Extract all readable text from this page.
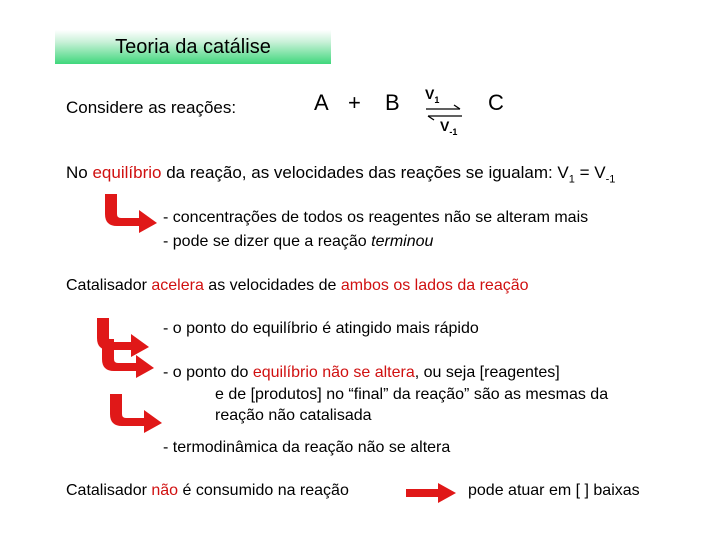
Teoria da catálise
Considere as reações:	A + B $V_1$
$V_{-1}$
C
No equilíbrio da reação, as velocidades das reações se igualam: $V_1 = V_{-1}$
- concentrações de todos os reagentes não se alteram mais
- pode se dizer que a reação terminou
Catalisador acelera as velocidades de ambos os lados da reação
- o ponto do equilíbrio é atingido mais rápido
- o ponto do equilíbrio não se altera, ou seja [reagentes]
e de [produtos] no “final” da reação” são as mesmas da
reação não catalisada
- termodinâmica da reação não se altera
Catalisador não é consumido na reação	pode atuar em [ ] baixas
